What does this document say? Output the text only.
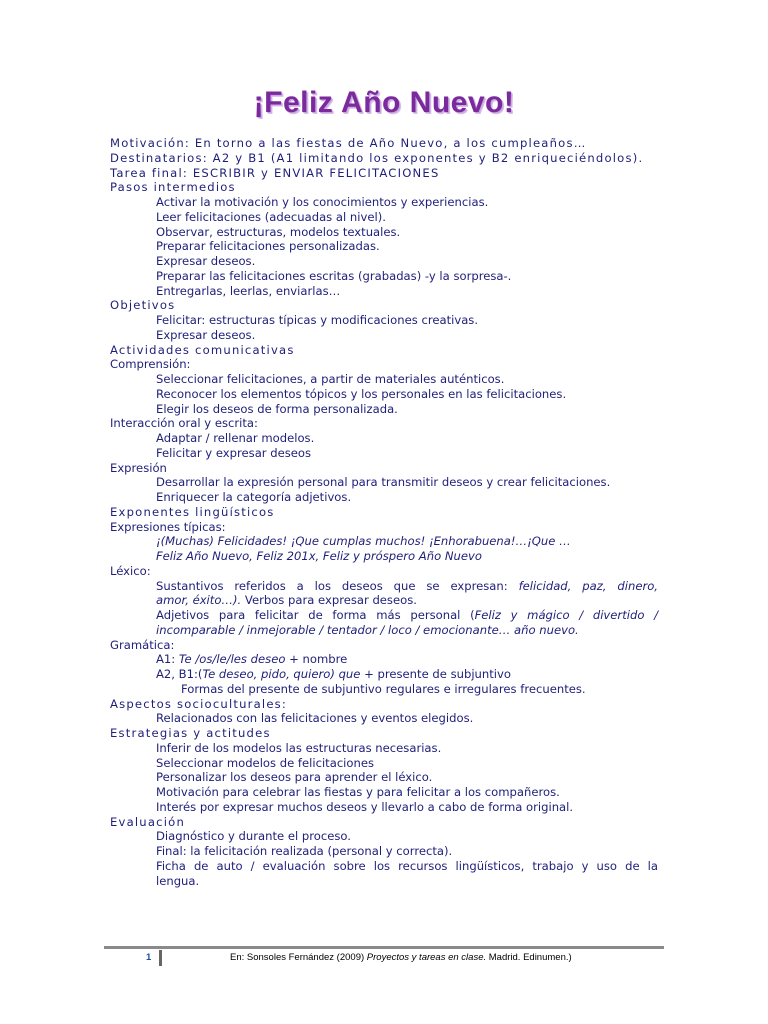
¡Feliz Año Nuevo!
Motivación: En torno a las fiestas de Año Nuevo, a los cumpleaños…
Destinatarios: A2 y B1 (A1 limitando los exponentes y B2 enriqueciéndolos).
Tarea final: ESCRIBIR y ENVIAR FELICITACIONES
Pasos intermedios
Activar la motivación y los conocimientos y experiencias.
Leer felicitaciones (adecuadas al nivel).
Observar, estructuras, modelos textuales.
Preparar felicitaciones personalizadas.
Expresar deseos.
Preparar las felicitaciones escritas (grabadas) -y la sorpresa-.
Entregarlas, leerlas, enviarlas…
Objetivos
Felicitar: estructuras típicas y modificaciones creativas.
Expresar deseos.
Actividades comunicativas
Comprensión:
Seleccionar felicitaciones, a partir de materiales auténticos.
Reconocer los elementos tópicos y los personales en las felicitaciones.
Elegir los deseos de forma personalizada.
Interacción oral y escrita:
Adaptar / rellenar modelos.
Felicitar y expresar deseos
Expresión
Desarrollar la expresión personal para transmitir deseos y crear felicitaciones.
Enriquecer la categoría adjetivos.
Exponentes lingüísticos
Expresiones típicas:
¡(Muchas) Felicidades! ¡Que cumplas muchos! ¡Enhorabuena!…¡Que …
Feliz Año Nuevo, Feliz 201x, Feliz y próspero Año Nuevo
Léxico:
Sustantivos referidos a los deseos que se expresan: felicidad, paz, dinero,
amor, éxito…). Verbos para expresar deseos.
Adjetivos para felicitar de forma más personal (Feliz y mágico / divertido /
incomparable / inmejorable / tentador / loco / emocionante… año nuevo.
Gramática:
A1: Te /os/le/les deseo + nombre
A2, B1:(Te deseo, pido, quiero) que + presente de subjuntivo
Formas del presente de subjuntivo regulares e irregulares frecuentes.
Aspectos socioculturales:
Relacionados con las felicitaciones y eventos elegidos.
Estrategias y actitudes
Inferir de los modelos las estructuras necesarias.
Seleccionar modelos de felicitaciones
Personalizar los deseos para aprender el léxico.
Motivación para celebrar las fiestas y para felicitar a los compañeros.
Interés por expresar muchos deseos y llevarlo a cabo de forma original.
Evaluación
Diagnóstico y durante el proceso.
Final: la felicitación realizada (personal y correcta).
Ficha de auto / evaluación sobre los recursos lingüísticos, trabajo y uso de la
lengua.
1	En: Sonsoles Fernández (2009) Proyectos y tareas en clase. Madrid. Edinumen.)
